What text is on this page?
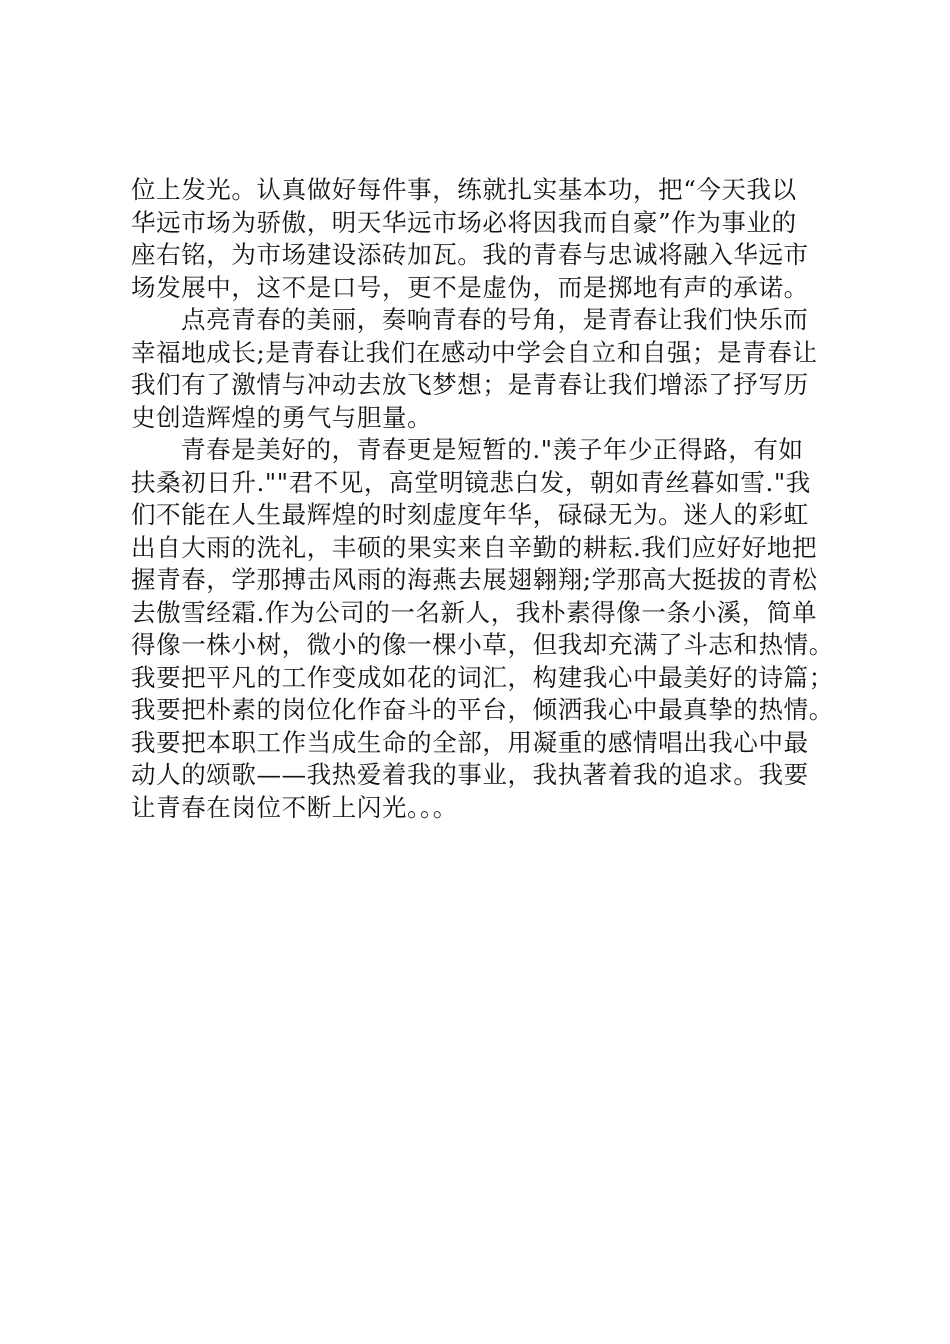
位上发光。认真做好每件事，练就扎实基本功，把“今天我以
华远市场为骄傲，明天华远市场必将因我而自豪”作为事业的
座右铭，为市场建设添砖加瓦。我的青春与忠诚将融入华远市
场发展中，这不是口号，更不是虚伪，而是掷地有声的承诺。
点亮青春的美丽，奏响青春的号角，是青春让我们快乐而
幸福地成长;是青春让我们在感动中学会自立和自强；是青春让
我们有了激情与冲动去放飞梦想；是青春让我们增添了抒写历
史创造辉煌的勇气与胆量。
青春是美好的，青春更是短暂的."羡子年少正得路，有如
扶桑初日升.""君不见，高堂明镜悲白发，朝如青丝暮如雪."我
们不能在人生最辉煌的时刻虚度年华，碌碌无为。迷人的彩虹
出自大雨的洗礼，丰硕的果实来自辛勤的耕耘.我们应好好地把
握青春，学那搏击风雨的海燕去展翅翱翔;学那高大挺拔的青松
去傲雪经霜.作为公司的一名新人，我朴素得像一条小溪，简单
得像一株小树，微小的像一棵小草，但我却充满了斗志和热情。
我要把平凡的工作变成如花的词汇，构建我心中最美好的诗篇；
我要把朴素的岗位化作奋斗的平台，倾洒我心中最真挚的热情。
我要把本职工作当成生命的全部，用凝重的感情唱出我心中最
动人的颂歌——我热爱着我的事业，我执著着我的追求。我要
让青春在岗位不断上闪光。。。
